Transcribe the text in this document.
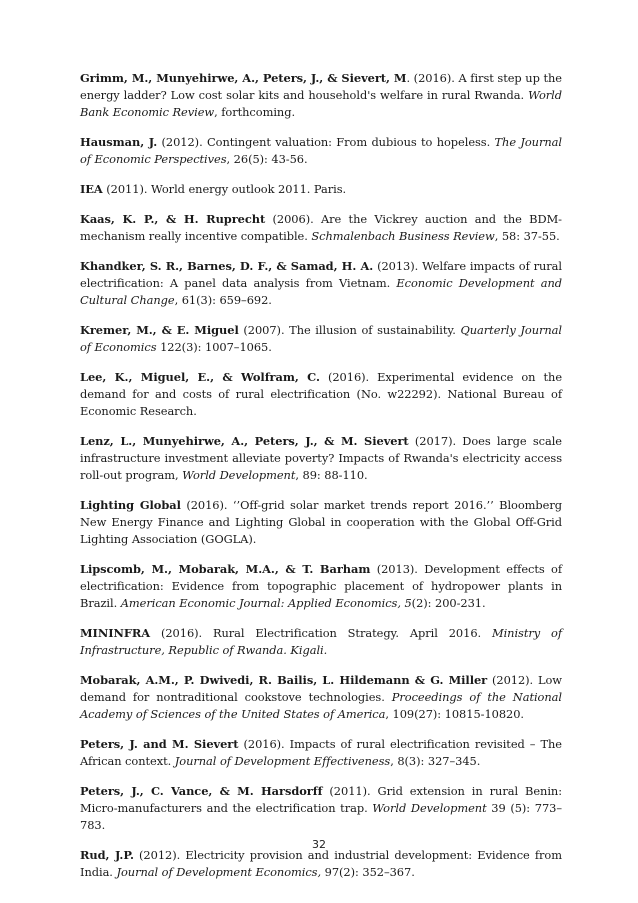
Grimm, M., Munyehirwe, A., Peters, J., & Sievert, M. (2016). A first step up the energy ladder? Low cost solar kits and household's welfare in rural Rwanda. World Bank Economic Review, forthcoming.

Hausman, J. (2012). Contingent valuation: From dubious to hopeless. The Journal of Economic Perspectives, 26(5): 43-56.

IEA (2011). World energy outlook 2011. Paris.

Kaas, K. P., & H. Ruprecht (2006). Are the Vickrey auction and the BDM-mechanism really incentive compatible. Schmalenbach Business Review, 58: 37-55.

Khandker, S. R., Barnes, D. F., & Samad, H. A. (2013). Welfare impacts of rural electrification: A panel data analysis from Vietnam. Economic Development and Cultural Change, 61(3): 659–692.

Kremer, M., & E. Miguel (2007). The illusion of sustainability. Quarterly Journal of Economics 122(3): 1007–1065.

Lee, K., Miguel, E., & Wolfram, C. (2016). Experimental evidence on the demand for and costs of rural electrification (No. w22292). National Bureau of Economic Research.

Lenz, L., Munyehirwe, A., Peters, J., & M. Sievert (2017). Does large scale infrastructure investment alleviate poverty? Impacts of Rwanda's electricity access roll-out program, World Development, 89: 88-110.

Lighting Global (2016). ‘’Off-grid solar market trends report 2016.’’ Bloomberg New Energy Finance and Lighting Global in cooperation with the Global Off-Grid Lighting Association (GOGLA).

Lipscomb, M., Mobarak, M.A., & T. Barham (2013). Development effects of electrification: Evidence from topographic placement of hydropower plants in Brazil. American Economic Journal: Applied Economics, 5(2): 200-231.

MININFRA (2016). Rural Electrification Strategy. April 2016. Ministry of Infrastructure, Republic of Rwanda. Kigali.

Mobarak, A.M., P. Dwivedi, R. Bailis, L. Hildemann & G. Miller (2012). Low demand for nontraditional cookstove technologies. Proceedings of the National Academy of Sciences of the United States of America, 109(27): 10815-10820.

Peters, J. and M. Sievert (2016). Impacts of rural electrification revisited – The African context. Journal of Development Effectiveness, 8(3): 327–345.

Peters, J., C. Vance, & M. Harsdorff (2011). Grid extension in rural Benin: Micro-manufacturers and the electrification trap. World Development 39 (5): 773–783.

Rud, J.P. (2012). Electricity provision and industrial development: Evidence from India. Journal of Development Economics, 97(2): 352–367.

32
